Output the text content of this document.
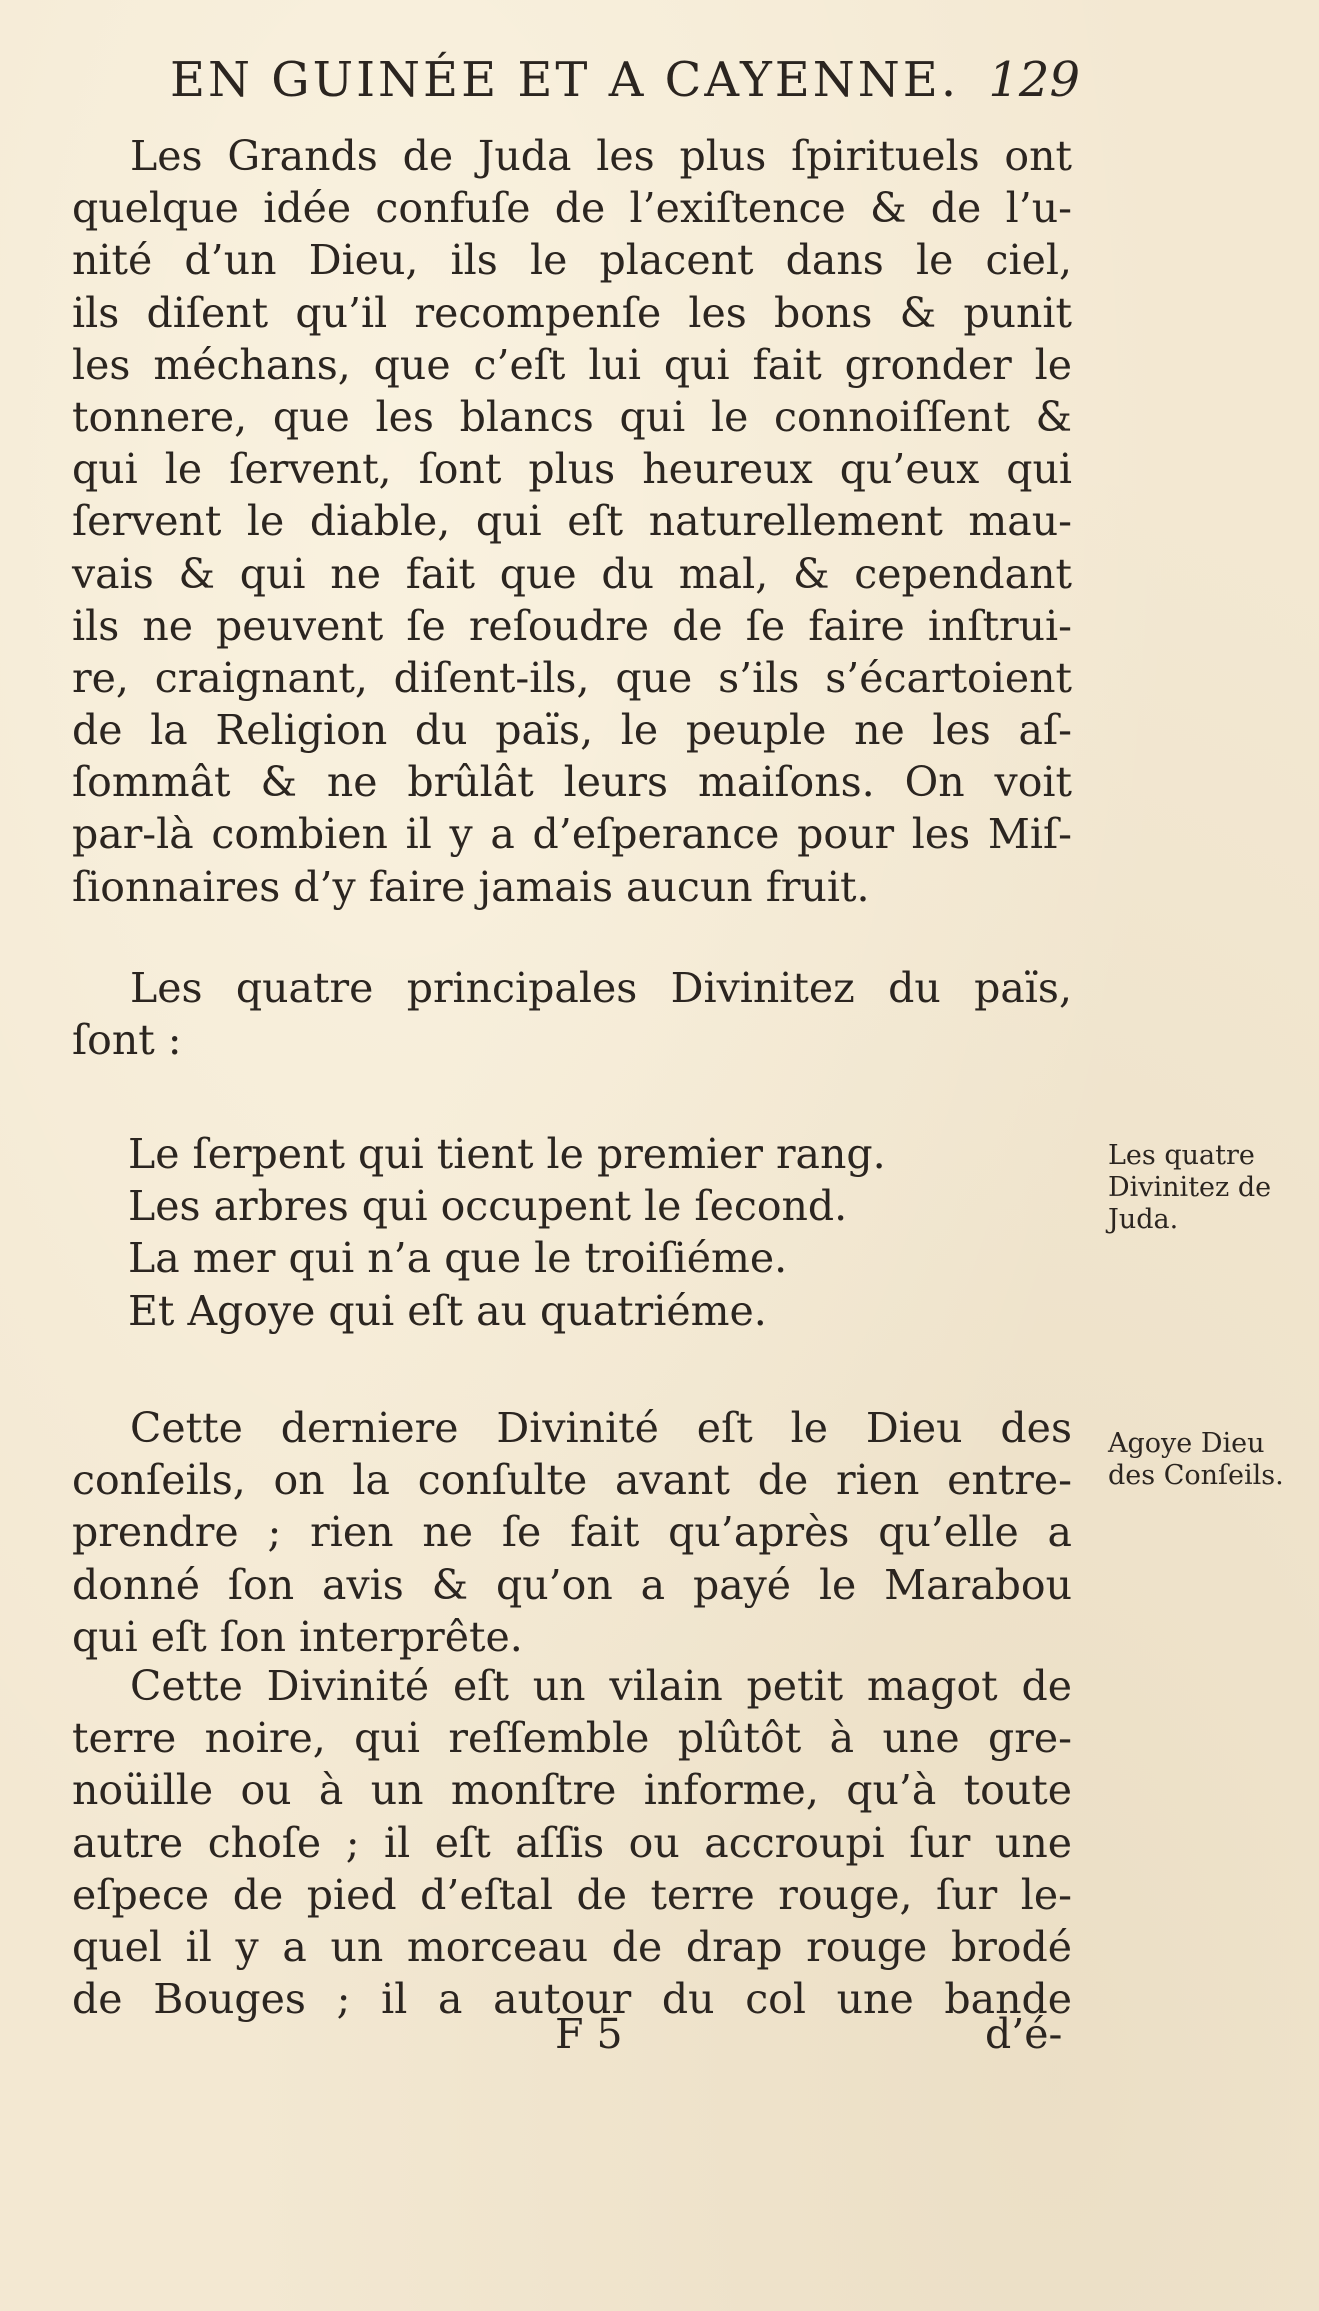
EN GUINÉE ET A CAYENNE. 129
Les Grands de Juda les plus ſpirituels ont
quelque idée confuſe de l’exiſtence & de l’u-
nité d’un Dieu, ils le placent dans le ciel,
ils diſent qu’il recompenſe les bons & punit
les méchans, que c’eſt lui qui fait gronder le
tonnere, que les blancs qui le connoiſſent &
qui le ſervent, ſont plus heureux qu’eux qui
ſervent le diable, qui eſt naturellement mau-
vais & qui ne fait que du mal, & cependant
ils ne peuvent ſe reſoudre de ſe faire inſtrui-
re, craignant, diſent-ils, que s’ils s’écartoient
de la Religion du païs, le peuple ne les aſ-
ſommât & ne brûlât leurs maiſons. On voit
par-là combien il y a d’eſperance pour les Miſ-
ſionnaires d’y faire jamais aucun fruit.
Les quatre principales Divinitez du païs,
ſont :
Le ſerpent qui tient le premier rang.
Les arbres qui occupent le ſecond.
La mer qui n’a que le troiſiéme.
Et Agoye qui eſt au quatriéme.
Les quatre
Divinitez de
Juda.
Cette derniere Divinité eſt le Dieu des
conſeils, on la conſulte avant de rien entre-
prendre ; rien ne ſe fait qu’après qu’elle a
donné ſon avis & qu’on a payé le Marabou
qui eſt ſon interprête.
Agoye Dieu
des Conſeils.
Cette Divinité eſt un vilain petit magot de
terre noire, qui reſſemble plûtôt à une gre-
noüille ou à un monſtre informe, qu’à toute
autre choſe ; il eſt aſſis ou accroupi ſur une
eſpece de pied d’eſtal de terre rouge, ſur le-
quel il y a un morceau de drap rouge brodé
de Bouges ; il a autour du col une bande
F 5	d’é-
